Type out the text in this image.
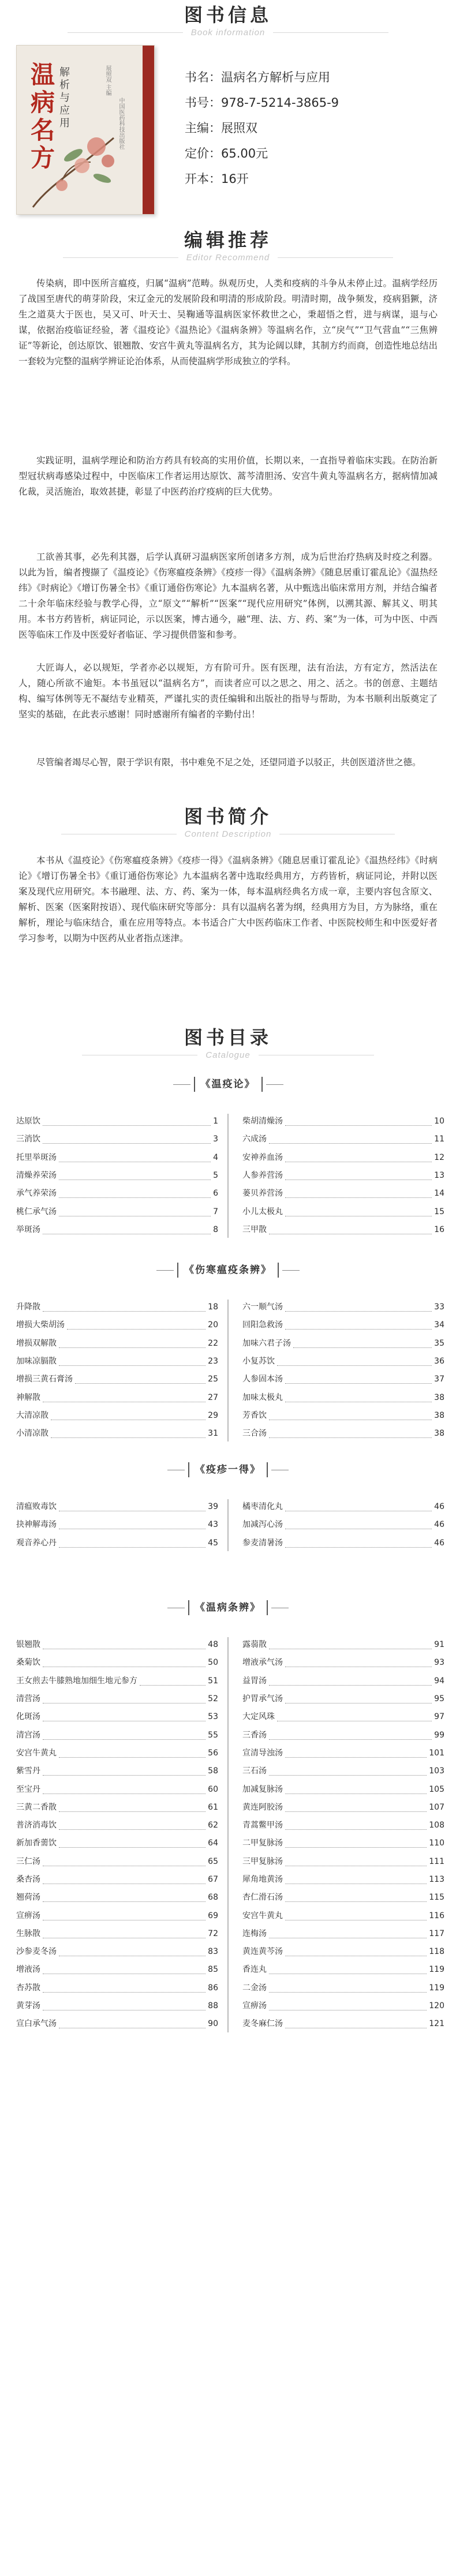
图书信息
Book information
温病名方 解析与应用	展照双 主编
中国医药科技出版社
书名：温病名方解析与应用
书号：978-7-5214-3865-9
主编：展照双
定价：65.00元
开本：16开
编辑推荐
Editor Recommend

传染病，即中医所言瘟疫，归属“温病”范畴。纵观历史，人类和疫病的斗争从未停止过。温病学经历了战国至唐代的萌芽阶段，宋辽金元的发展阶段和明清的形成阶段。明清时期，战争频发，疫病猖獗，济生之道莫大于医也，吴又可、叶天士、吴鞠通等温病医家怀救世之心，秉超悟之哲，进与病谋，退与心谋，依据治疫临证经验，著《温疫论》《温热论》《温病条辨》等温病名作，立“戾气”“卫气营血”“三焦辨证”等新论，创达原饮、银翘散、安宫牛黄丸等温病名方，其为论阔以肆，其制方约而商，创造性地总结出一套较为完整的温病学辨证论治体系，从而使温病学形成独立的学科。

实践证明，温病学理论和防治方药具有较高的实用价值，长期以来，一直指导着临床实践。在防治新型冠状病毒感染过程中，中医临床工作者运用达原饮、蒿芩清胆汤、安宫牛黄丸等温病名方，据病情加减化裁，灵活施治，取效甚捷，彰显了中医药治疗疫病的巨大优势。

工欲善其事，必先利其器，后学认真研习温病医家所创诸多方剂，成为后世治疗热病及时疫之利器。以此为旨，编者搜撷了《温疫论》《伤寒瘟疫条辨》《疫疹一得》《温病条辨》《随息居重订霍乱论》《温热经纬》《时病论》《增订伤暑全书》《重订通俗伤寒论》九本温病名著，从中甄选出临床常用方剂，并结合编者二十余年临床经验与教学心得，立“原文”“解析”“医案”“现代应用研究”体例，以溯其源、解其义、明其用。本书方药皆析，病证同论，示以医案，博古通今，融“理、法、方、药、案”为一体，可为中医、中西医等临床工作及中医爱好者临证、学习提供借鉴和参考。

大匠诲人，必以规矩，学者亦必以规矩，方有阶可升。医有医理，法有治法，方有定方，然活法在人，随心所欲不逾矩。本书虽冠以“温病名方”，而读者应可以之思之、用之、活之。书的创意、主题结构、编写体例等无不凝结专业精英，严谨扎实的责任编辑和出版社的指导与帮助，为本书顺利出版奠定了坚实的基础，在此表示感谢！同时感谢所有编者的辛勤付出！

尽管编者竭尽心智，限于学识有限，书中难免不足之处，还望同道予以驳正，共创医道济世之德。

图书简介
Content Description

本书从《温疫论》《伤寒瘟疫条辨》《疫疹一得》《温病条辨》《随息居重订霍乱论》《温热经纬》《时病论》《增订伤暑全书》《重订通俗伤寒论》九本温病名著中选取经典用方，方药皆析，病证同论，并附以医案及现代应用研究。本书融理、法、方、药、案为一体，每本温病经典名方成一章，主要内容包含原文、解析、医案（医案附按语）、现代临床研究等部分：具有以温病名著为纲，经典用方为目，方为脉络，重在解析，理论与临床结合，重在应用等特点。本书适合广大中医药临床工作者、中医院校师生和中医爱好者学习参考，以期为中医药从业者指点迷津。

图书目录
Catalogue
《温疫论》
达原饮	1
三消饮	3
托里举斑汤	4
清燥养荣汤	5
承气养荣汤	6
桃仁承气汤	7
举斑汤	8
柴胡清燥汤	10
六成汤	11
安神养血汤	12
人参养营汤	13
蒌贝养营汤	14
小儿太极丸	15
三甲散	16
《伤寒瘟疫条辨》
升降散	18
增损大柴胡汤	20
增损双解散	22
加味凉膈散	23
增损三黄石膏汤	25
神解散	27
大清凉散	29
小清凉散	31
六一顺气汤	33
回阳急救汤	34
加味六君子汤	35
小复苏饮	36
人参固本汤	37
加味太极丸	38
芳香饮	38
三合汤	38
《疫疹一得》
清瘟败毒饮	39
抉神解毒汤	43
观音养心丹	45
橘枣清化丸	46
加减泻心汤	46
参麦清暑汤	46
《温病条辨》
银翘散	48
桑菊饮	50
王女煎去牛膝熟地加细生地元参方	51
清营汤	52
化斑汤	53
清宫汤	55
安宫牛黄丸	56
紫雪丹	58
至宝丹	60
三黄二香散	61
普济消毒饮	62
新加香薷饮	64
三仁汤	65
桑杏汤	67
翘荷汤	68
宣痹汤	69
生脉散	72
沙参麦冬汤	83
增液汤	85
杏苏散	86
黄芽汤	88
宣白承气汤	90
露蒻散	91
增液承气汤	93
益胃汤	94
护胃承气汤	95
大定风珠	97
三香汤	99
宣清导浊汤	101
三石汤	103
加减复脉汤	105
黄连阿胶汤	107
青蒿鳖甲汤	108
二甲复脉汤	110
三甲复脉汤	111
犀角地黄汤	113
杏仁滑石汤	115
安宫牛黄丸	116
连梅汤	117
黄连黄芩汤	118
香连丸	119
二金汤	119
宣痹汤	120
麦冬麻仁汤	121
